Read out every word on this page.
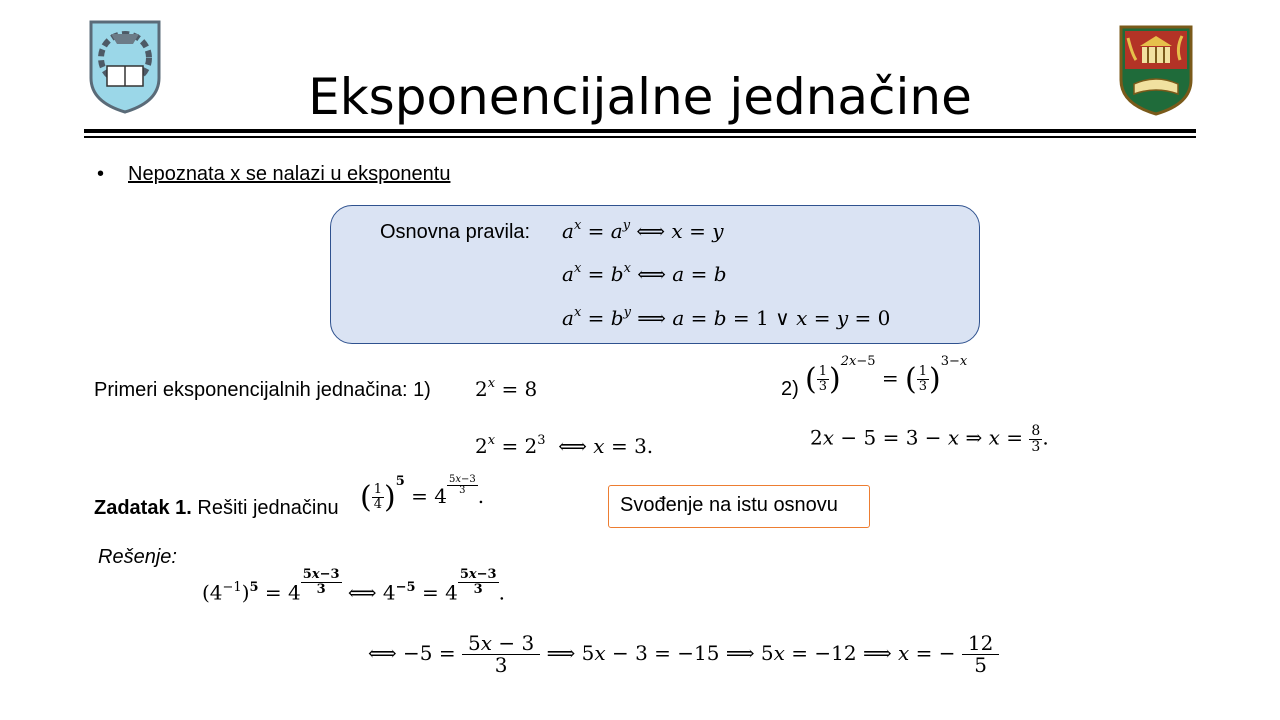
Eksponencijalne jednačine
• Nepoznata x se nalazi u eksponentu
Osnovna pravila: $a^x = a^y$ ⟺ x = y
$a^x = b^x$ ⟺ a = b
$a^x = b^y$ ⟹ a = b = 1 ∨ x = y = 0
Primeri eksponencijalnih jednačina: 1) $2^x = 8$	2) ( $\frac{1}{3} )^{2x-5}$ = ( $\frac{1}{3} )^{3-x}$
$2^x = 2^3$ ⟺ x = 3.	2x − 5 = 3 − x ⇒ $x = \frac{8}{3}$ .
Zadatak 1. Rešiti jednačinu ( $\frac{1}{4} )^5 = 4 \frac{5x-3}{3}$ .	Svođenje na istu osnovu
Rešenje:
$(4^{-1})^5 = 4 \frac{5x-3}{3}$ ⟺ $4^{-5} = 4 \frac{5x-3}{3}$ .
⟺ $-5 = \frac{5x - 3}{3}$ ⟹ 5x − 3 = −15 ⟹ 5x = −12 ⟹ x = − $\frac{12}{5}$
